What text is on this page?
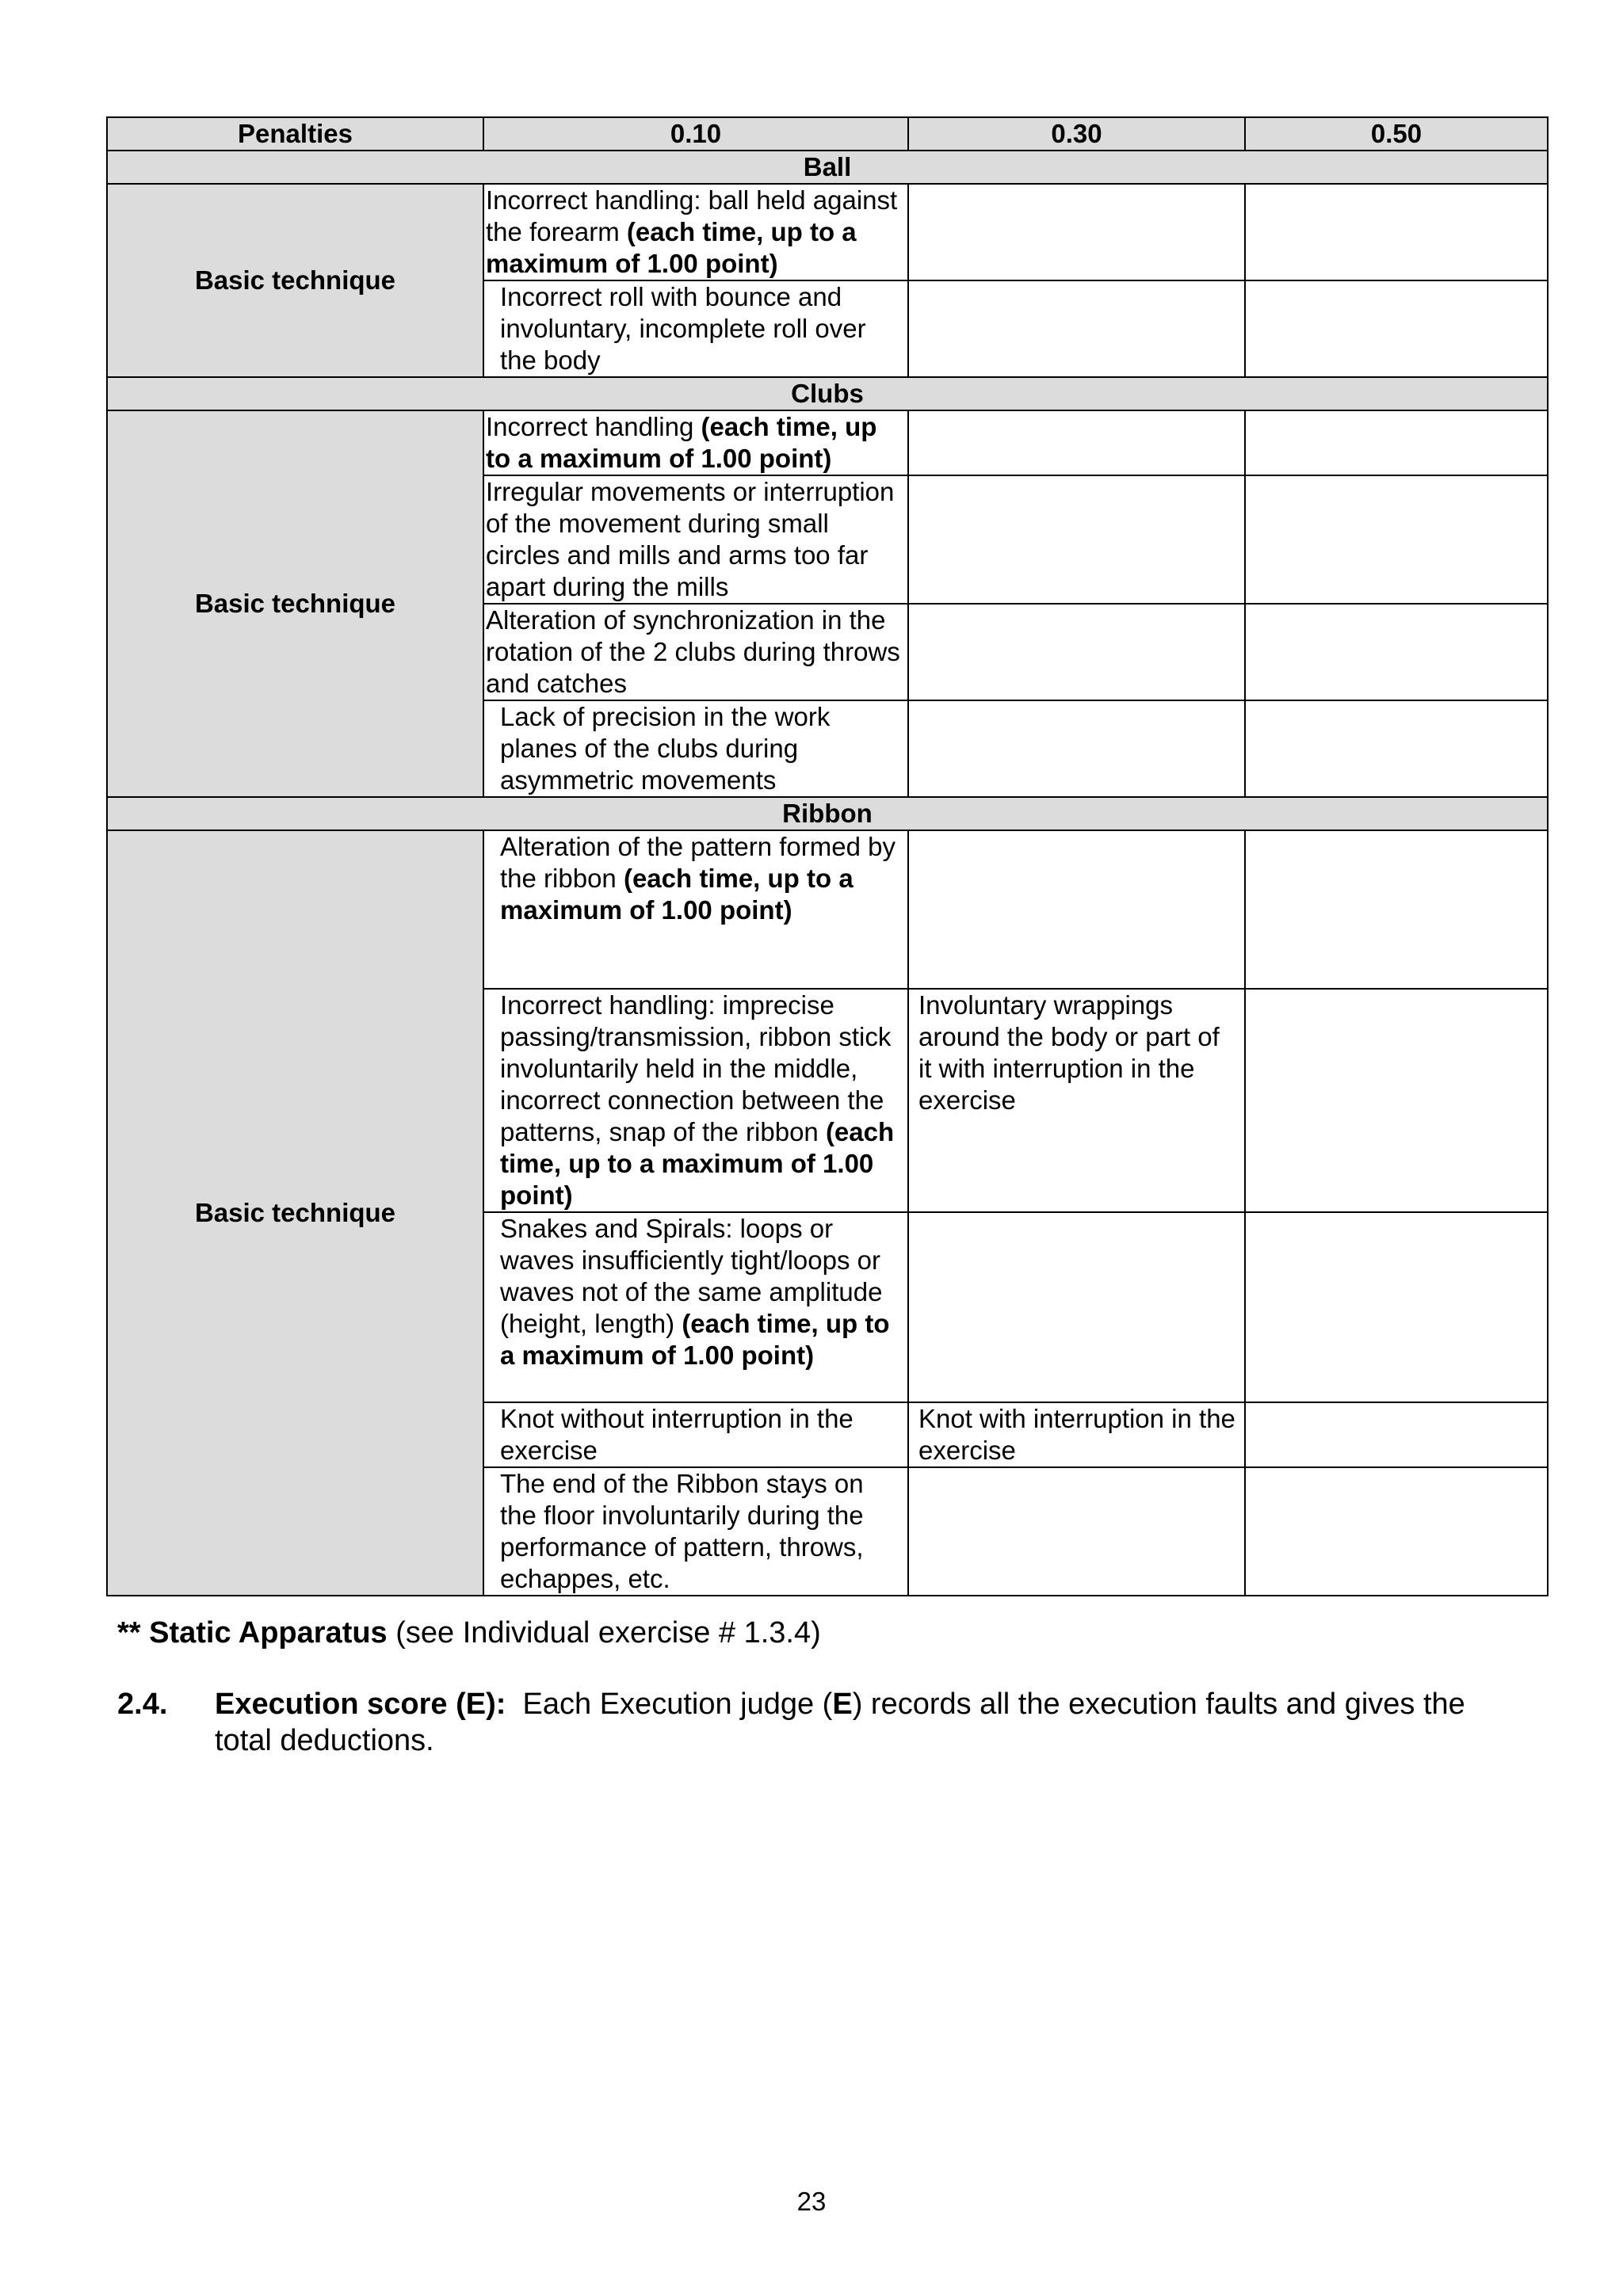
Penalties	0.10	0.30	0.50
Ball			
Basic technique	Incorrect handling: ball held against the forearm (each time, up to a maximum of 1.00 point)		
	Incorrect roll with bounce and involuntary, incomplete roll over the body		
Clubs			
Basic technique	Incorrect handling (each time, up to a maximum of 1.00 point)		
	Irregular movements or interruption of the movement during small circles and mills and arms too far apart during the mills		
	Alteration of synchronization in the rotation of the 2 clubs during throws and catches		
	Lack of precision in the work planes of the clubs during asymmetric movements		
Ribbon			
Basic technique	Alteration of the pattern formed by the ribbon (each time, up to a maximum of 1.00 point)		
	Incorrect handling: imprecise passing/transmission, ribbon stick involuntarily held in the middle, incorrect connection between the patterns, snap of the ribbon (each time, up to a maximum of 1.00 point)	Involuntary wrappings around the body or part of it with interruption in the exercise	
	Snakes and Spirals: loops or waves insufficiently tight/loops or waves not of the same amplitude (height, length) (each time, up to a maximum of 1.00 point)		
	Knot without interruption in the exercise	Knot with interruption in the exercise	
	The end of the Ribbon stays on the floor involuntarily during the performance of pattern, throws, echappes, etc.		
** Static Apparatus (see Individual exercise # 1.3.4)
2.4. Execution score (E):  Each Execution judge (E) records all the execution faults and gives the total deductions.
23
